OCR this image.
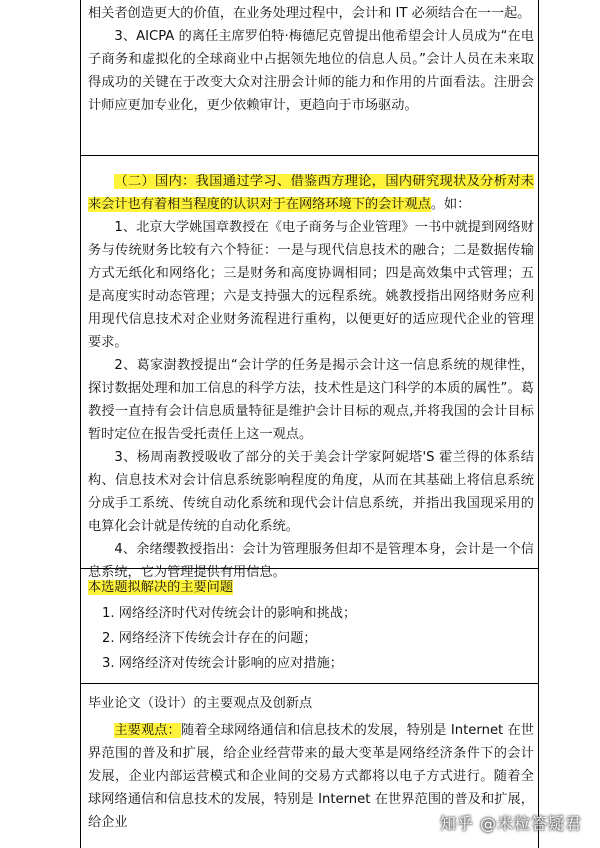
相关者创造更大的价值，在业务处理过程中，会计和 IT 必须结合在一一起。

3、AICPA 的离任主席罗伯特·梅德尼克曾提出他希望会计人员成为“在电子商务和虚拟化的全球商业中占据领先地位的信息人员。”会计人员在未来取得成功的关键在于改变大众对注册会计师的能力和作用的片面看法。注册会计师应更加专业化，更少依赖审计，更趋向于市场驱动。

（二）国内：我国通过学习、借鉴西方理论，国内研究现状及分析对未来会计也有着相当程度的认识对于在网络环境下的会计观点。如：

1、北京大学姚国章教授在《电子商务与企业管理》一书中就提到网络财务与传统财务比较有六个特征：一是与现代信息技术的融合；二是数据传输方式无纸化和网络化；三是财务和高度协调相同；四是高效集中式管理；五是高度实时动态管理；六是支持强大的远程系统。姚教授指出网络财务应利用现代信息技术对企业财务流程进行重构，以便更好的适应现代企业的管理要求。

2、葛家澍教授提出“会计学的任务是揭示会计这一信息系统的规律性，探讨数据处理和加工信息的科学方法，技术性是这门科学的本质的属性”。葛教授一直持有会计信息质量特征是维护会计目标的观点,并将我国的会计目标暂时定位在报告受托责任上这一观点。

3、杨周南教授吸收了部分的关于美会计学家阿妮塔'S 霍兰得的体系结构、信息技术对会计信息系统影响程度的角度，从而在其基础上将信息系统分成手工系统、传统自动化系统和现代会计信息系统，并指出我国现采用的电算化会计就是传统的自动化系统。

4、余绪缨教授指出：会计为管理服务但却不是管理本身，会计是一个信息系统，它为管理提供有用信息。

本选题拟解决的主要问题

1. 网络经济时代对传统会计的影响和挑战；

2. 网络经济下传统会计存在的问题；

3. 网络经济对传统会计影响的应对措施；

毕业论文（设计）的主要观点及创新点

主要观点：随着全球网络通信和信息技术的发展，特别是 Internet 在世界范围的普及和扩展，给企业经营带来的最大变革是网络经济条件下的会计发展，企业内部运营模式和企业间的交易方式都将以电子方式进行。随着全球网络通信和信息技术的发展，特别是 Internet 在世界范围的普及和扩展，给企业	知乎 @米粒答疑君
